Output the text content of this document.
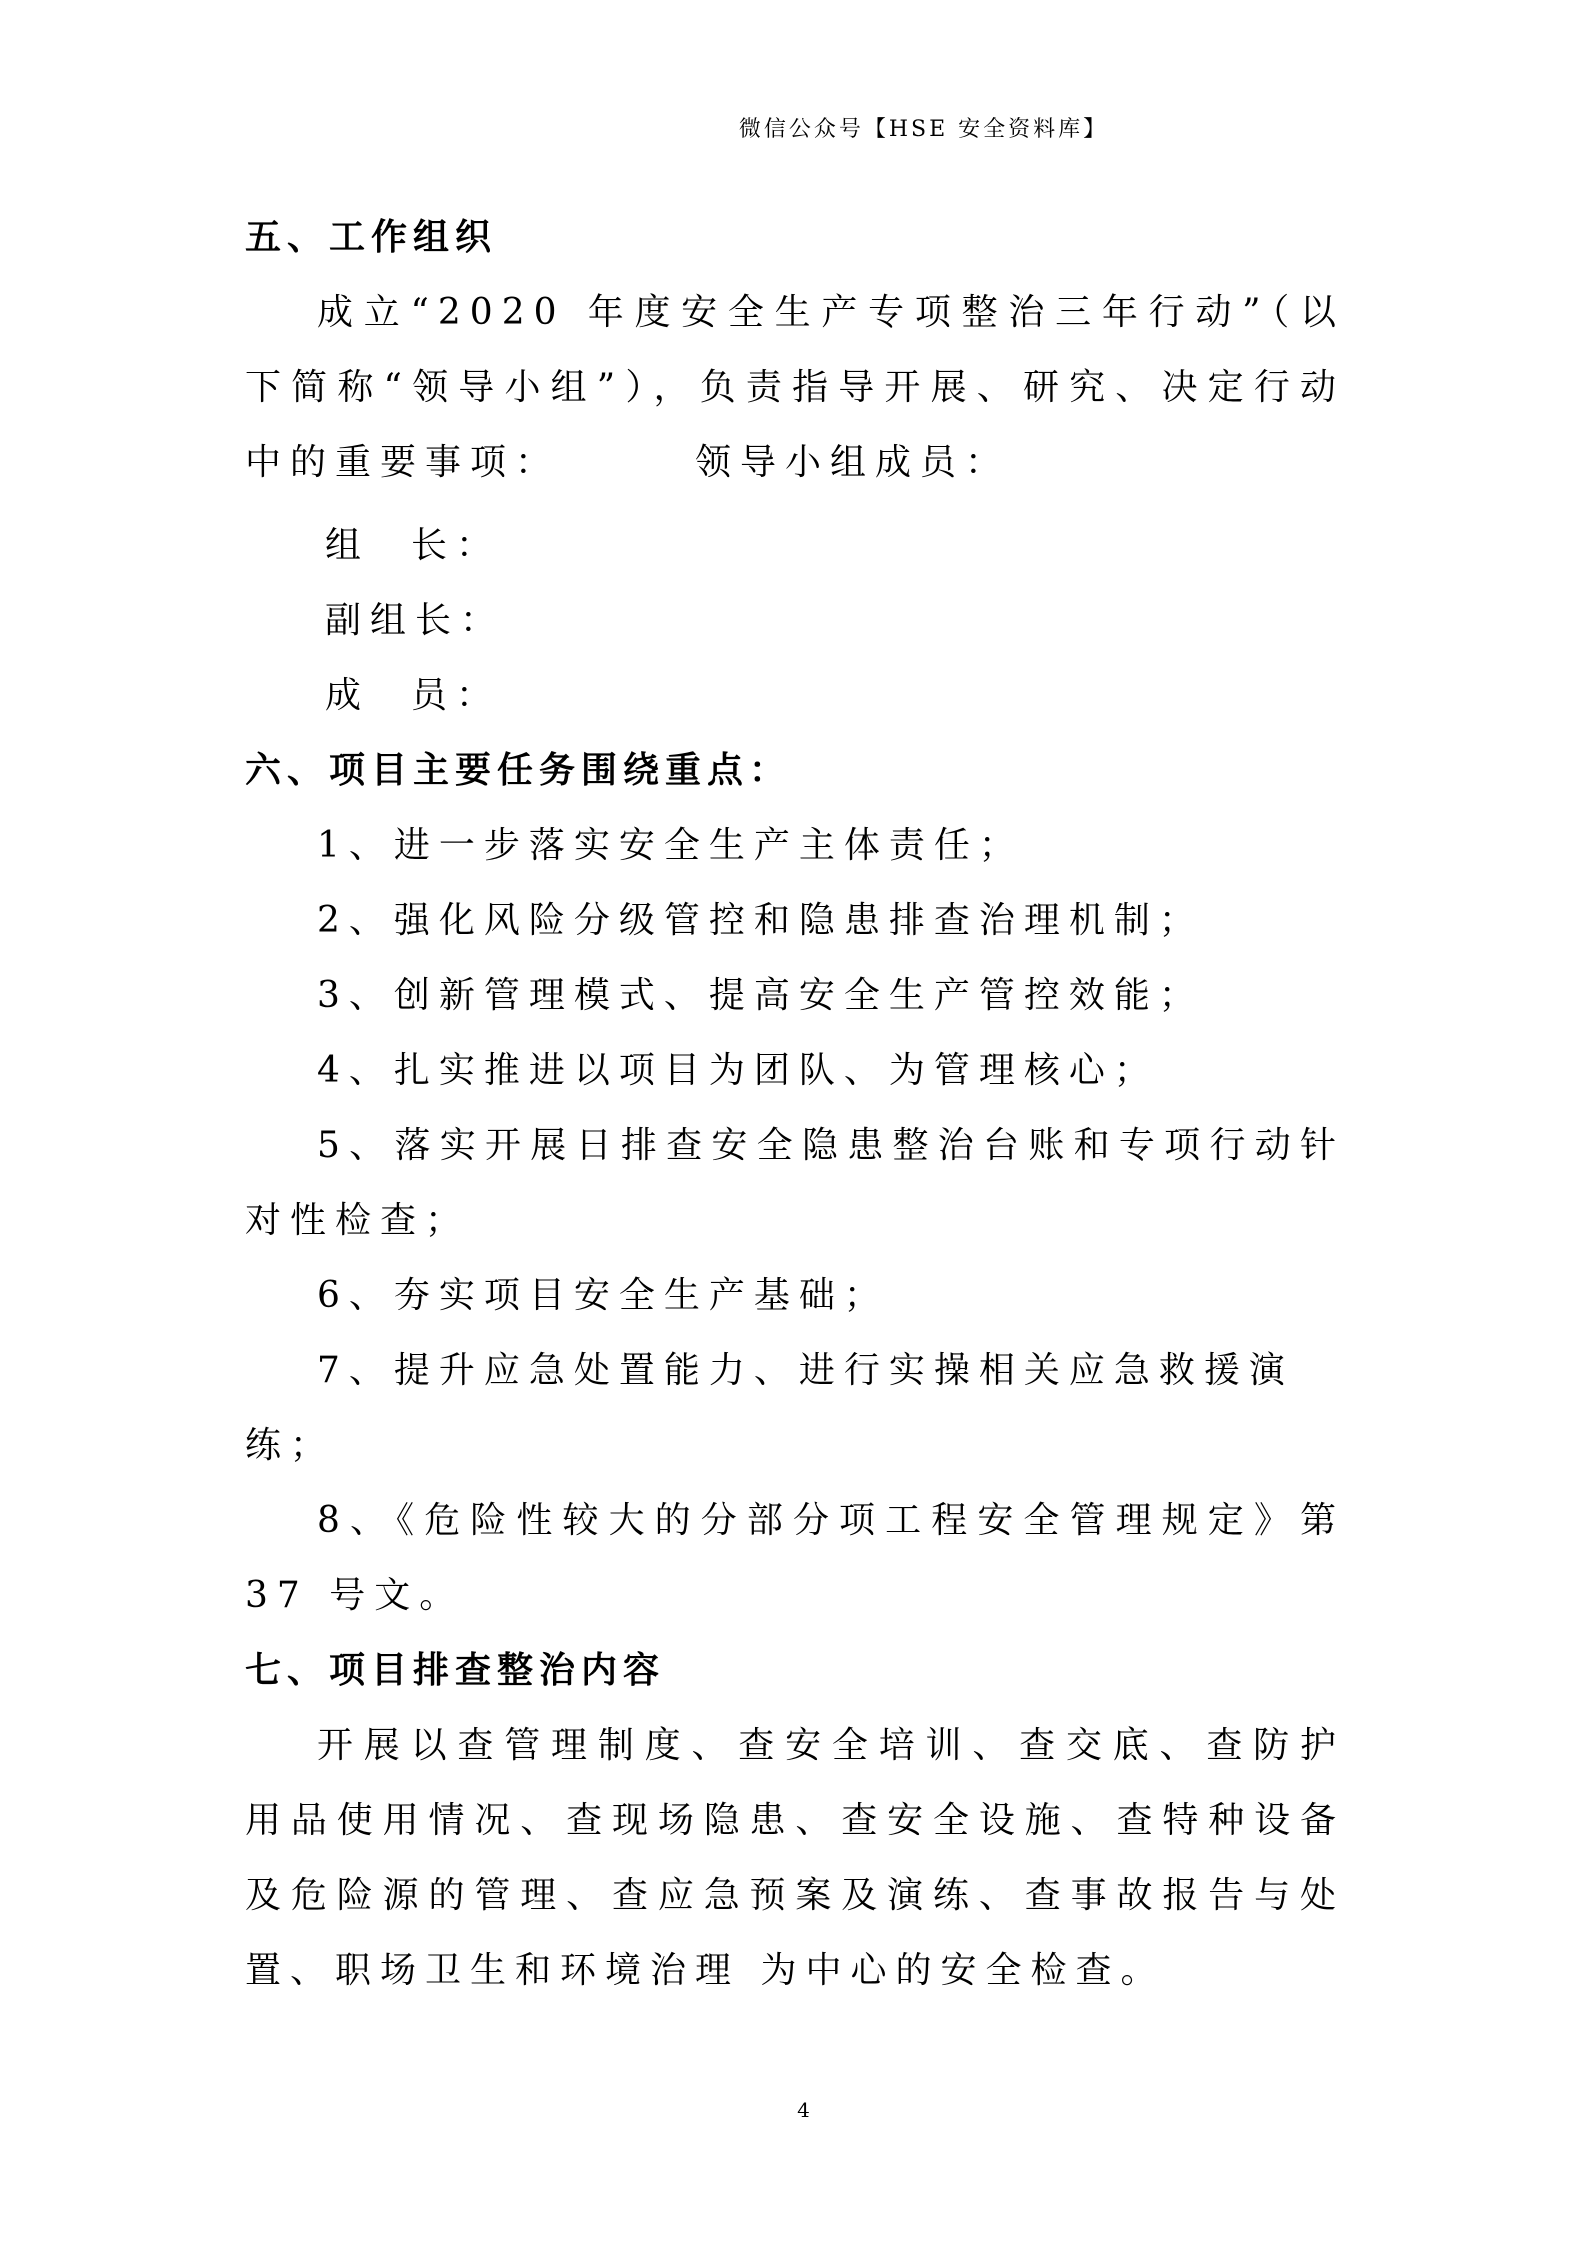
微信公众号【HSE 安全资料库】

五、工作组织

成立“2020 年度安全生产专项整治三年行动”（以下简称“领导小组”），负责指导开展、研究、决定行动中的重要事项：	领导小组成员：

组长：

副组长：

成员：

六、项目主要任务围绕重点：

1、进一步落实安全生产主体责任；

2、强化风险分级管控和隐患排查治理机制；

3、创新管理模式、提高安全生产管控效能；

4、扎实推进以项目为团队、为管理核心；

5、落实开展日排查安全隐患整治台账和专项行动针对性检查；

6、夯实项目安全生产基础；

7、提升应急处置能力、进行实操相关应急救援演练；

8、《危险性较大的分部分项工程安全管理规定》第 37 号文。

七、项目排查整治内容

开展以查管理制度、查安全培训、查交底、查防护用品使用情况、查现场隐患、查安全设施、查特种设备及危险源的管理、查应急预案及演练、查事故报告与处置、职场卫生和环境治理 为中心的安全检查。

4
